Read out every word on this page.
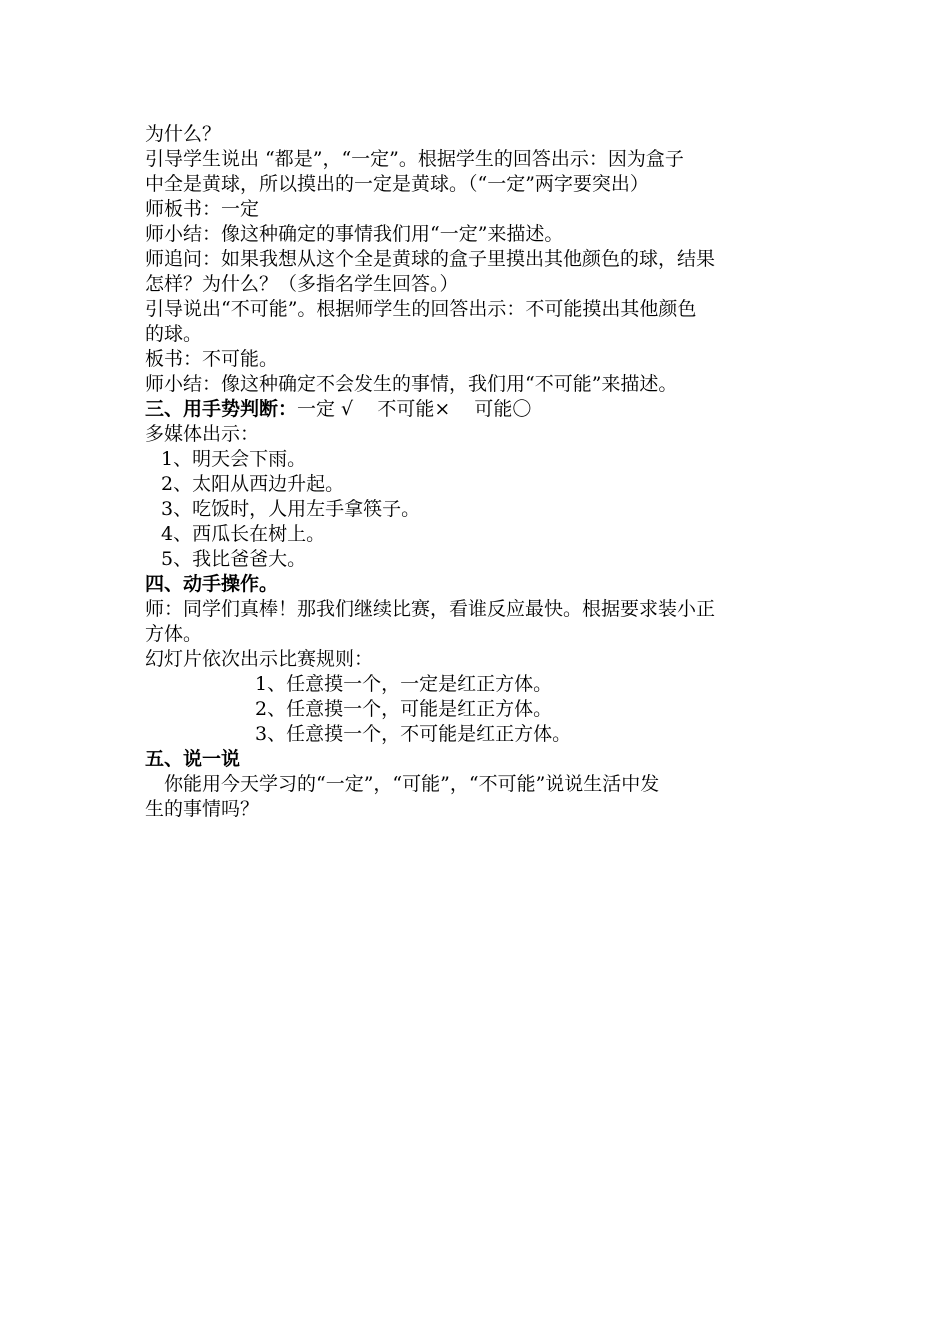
为什么？
引导学生说出 “都是”，“一定”。根据学生的回答出示：因为盒子
中全是黄球，所以摸出的一定是黄球。（“一定”两字要突出）
师板书：一定
师小结：像这种确定的事情我们用“一定”来描述。
师追问：如果我想从这个全是黄球的盒子里摸出其他颜色的球，结果
怎样？为什么？（多指名学生回答。）
引导说出“不可能”。根据师学生的回答出示：不可能摸出其他颜色
的球。
板书：不可能。
师小结：像这种确定不会发生的事情，我们用“不可能”来描述。
三、用手势判断：一定 √    不可能×    可能〇
多媒体出示：
1、明天会下雨。
2、太阳从西边升起。
3、吃饭时，人用左手拿筷子。
4、西瓜长在树上。
5、我比爸爸大。
四、动手操作。
师：同学们真棒！那我们继续比赛，看谁反应最快。根据要求装小正
方体。
幻灯片依次出示比赛规则：
1、任意摸一个，一定是红正方体。
2、任意摸一个，可能是红正方体。
3、任意摸一个，不可能是红正方体。
五、说一说
你能用今天学习的“一定”，“可能”，“不可能”说说生活中发
生的事情吗？
